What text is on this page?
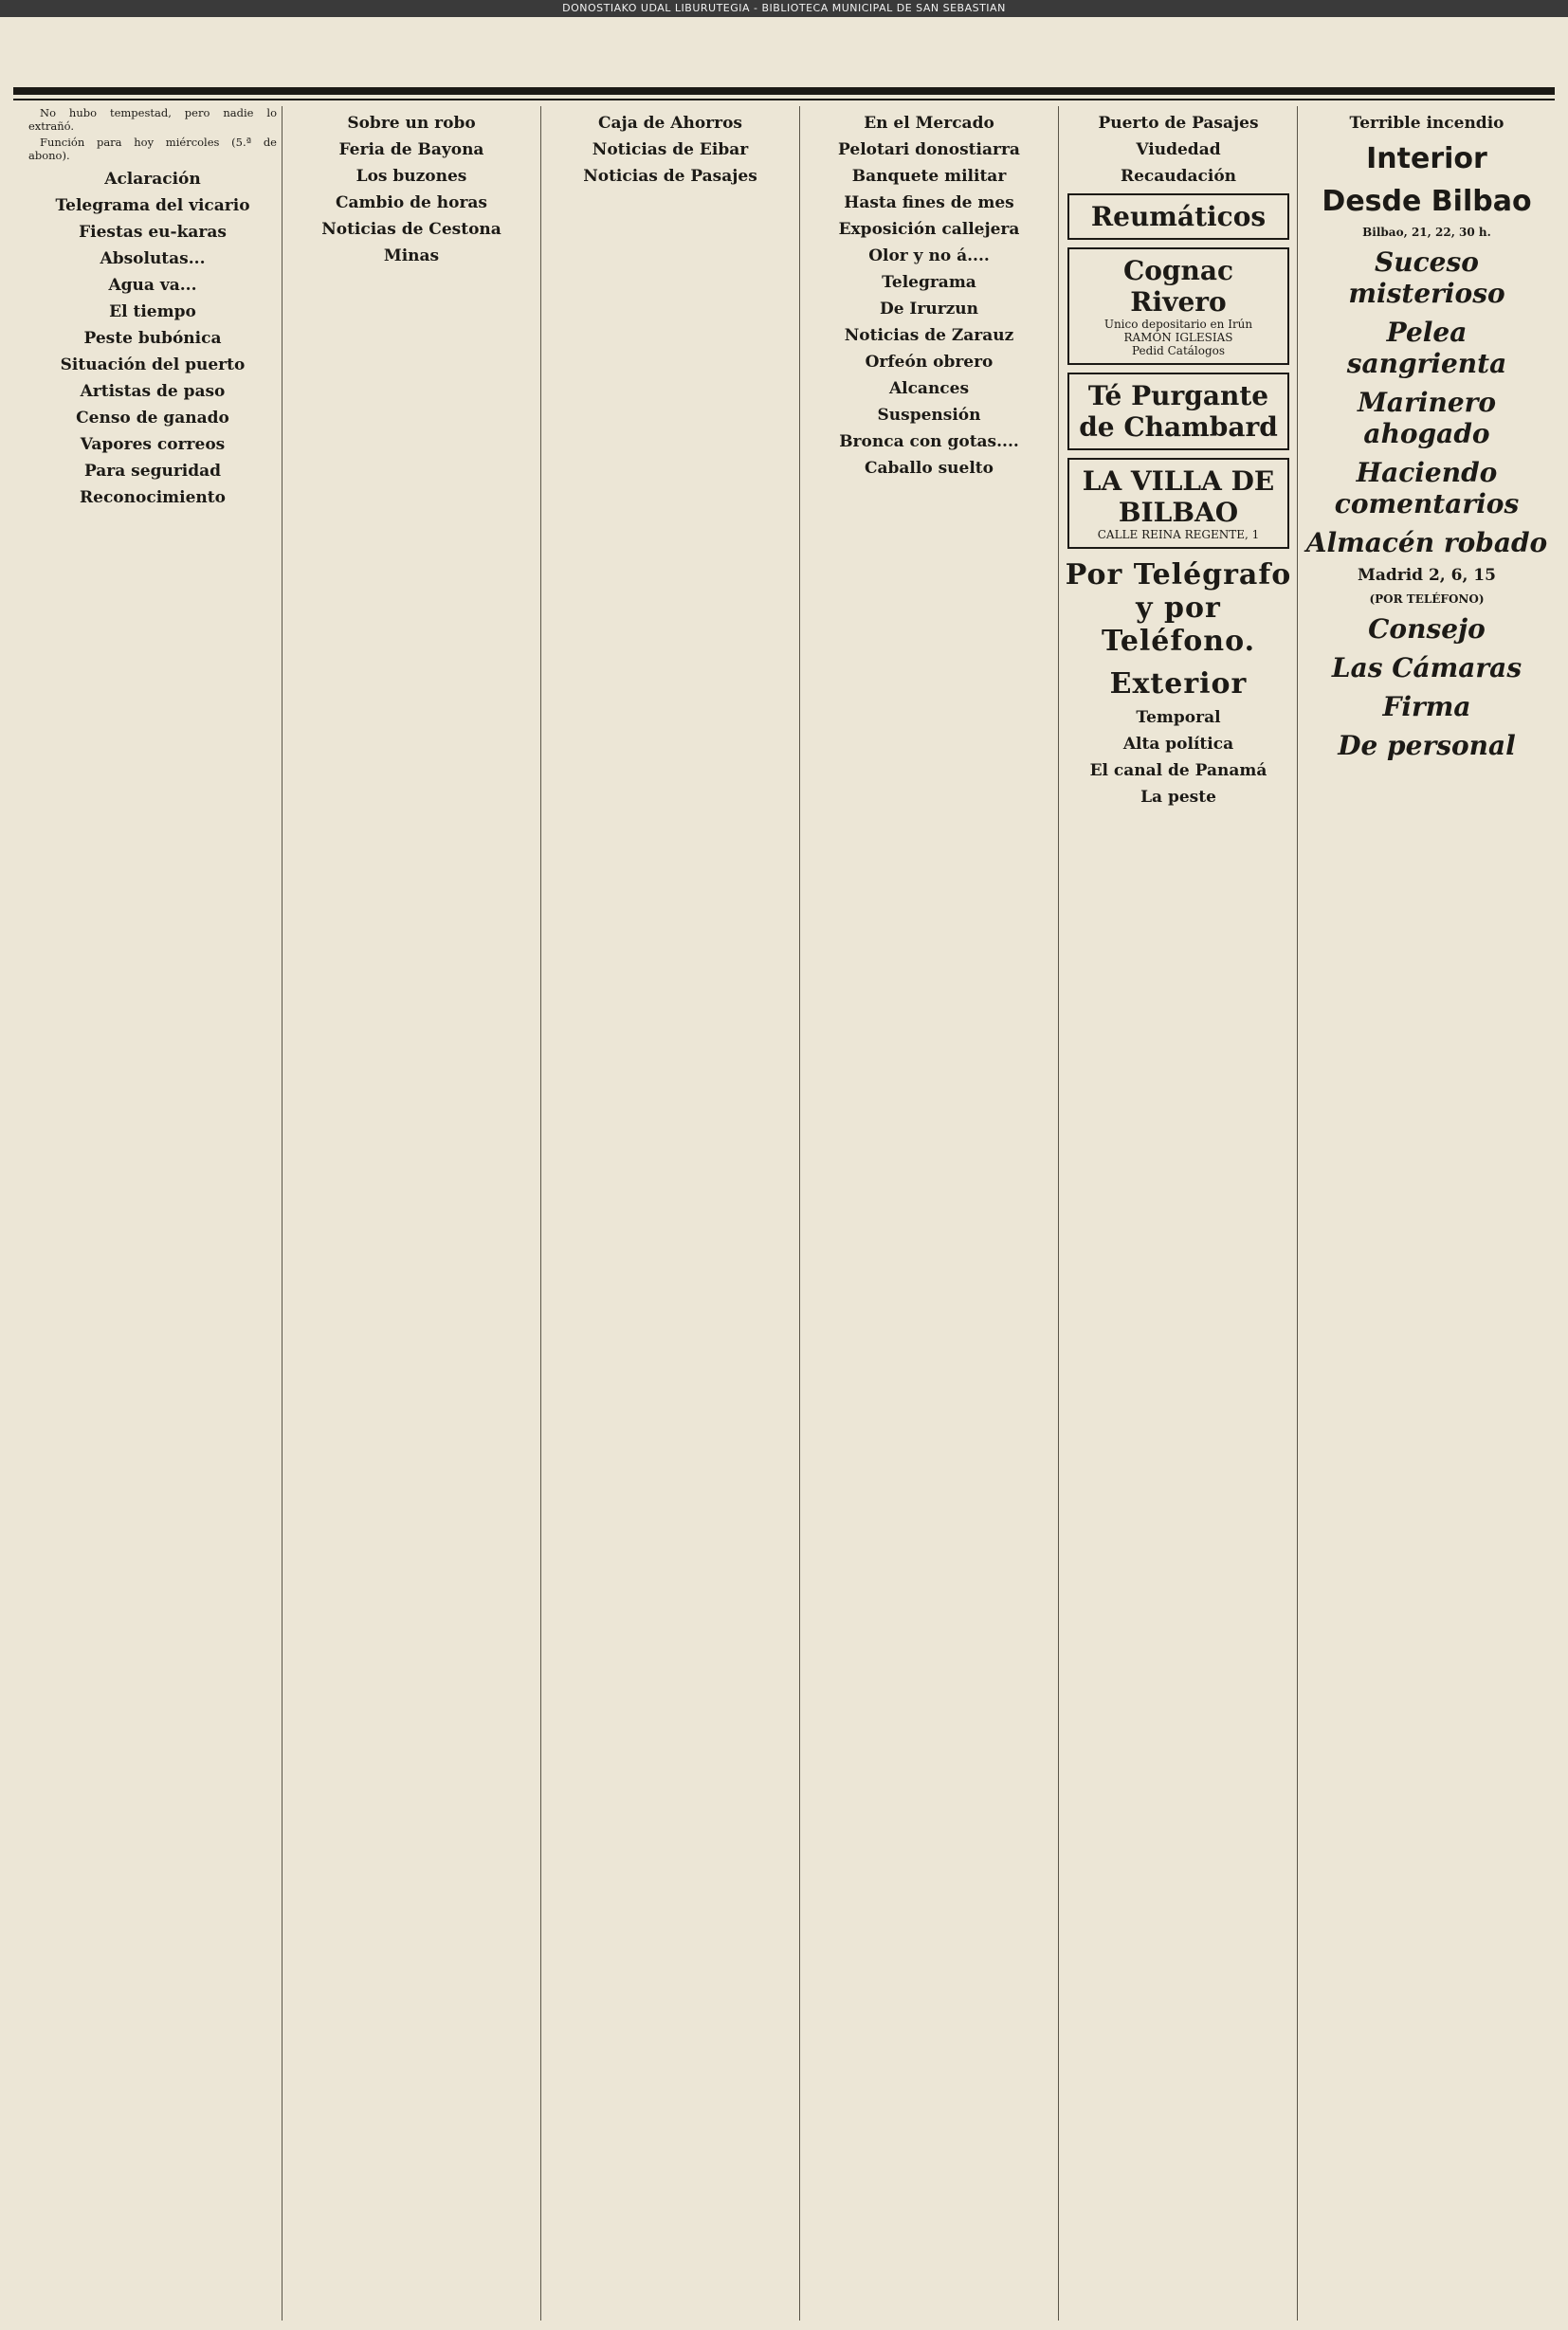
DONOSTIAKO UDAL LIBURUTEGIA - BIBLIOTECA MUNICIPAL DE SAN SEBASTIAN

No hubo tempestad, pero nadie lo extrañó.

Función para hoy miércoles (5.ª de abono).

Aclaración
Telegrama del vicario
Fiestas eu-karas
Absolutas...
Agua va...
El tiempo
Peste bubónica
Situación del puerto
Artistas de paso
Censo de ganado
Vapores correos
Para seguridad
Reconocimiento
Sobre un robo
Feria de Bayona
Los buzones
Cambio de horas
Noticias de Cestona
Minas
Caja de Ahorros
Noticias de Eibar
Noticias de Pasajes
En el Mercado
Pelotari donostiarra
Banquete militar
Hasta fines de mes
Exposición callejera
Olor y no á....
Telegrama
De Irurzun
Noticias de Zarauz
Orfeón obrero
Alcances
Suspensión
Bronca con gotas....
Caballo suelto
Puerto de Pasajes
Viudedad
Recaudación
Reumáticos
Cognac Rivero
Unico depositario en Irún
RAMÓN IGLESIAS
Pedid Catálogos
Té Purgante de Chambard
LA VILLA DE BILBAO
CALLE REINA REGENTE, 1
Por Telégrafo y por Teléfono.
Exterior
Temporal
Alta política
El canal de Panamá
La peste
Terrible incendio
Interior
Desde Bilbao
Bilbao, 21, 22, 30 h.
Suceso misterioso
Pelea sangrienta
Marinero ahogado
Haciendo comentarios
Almacén robado
Madrid 2, 6, 15
(POR TELÉFONO)
Consejo
Las Cámaras
Firma
De personal
